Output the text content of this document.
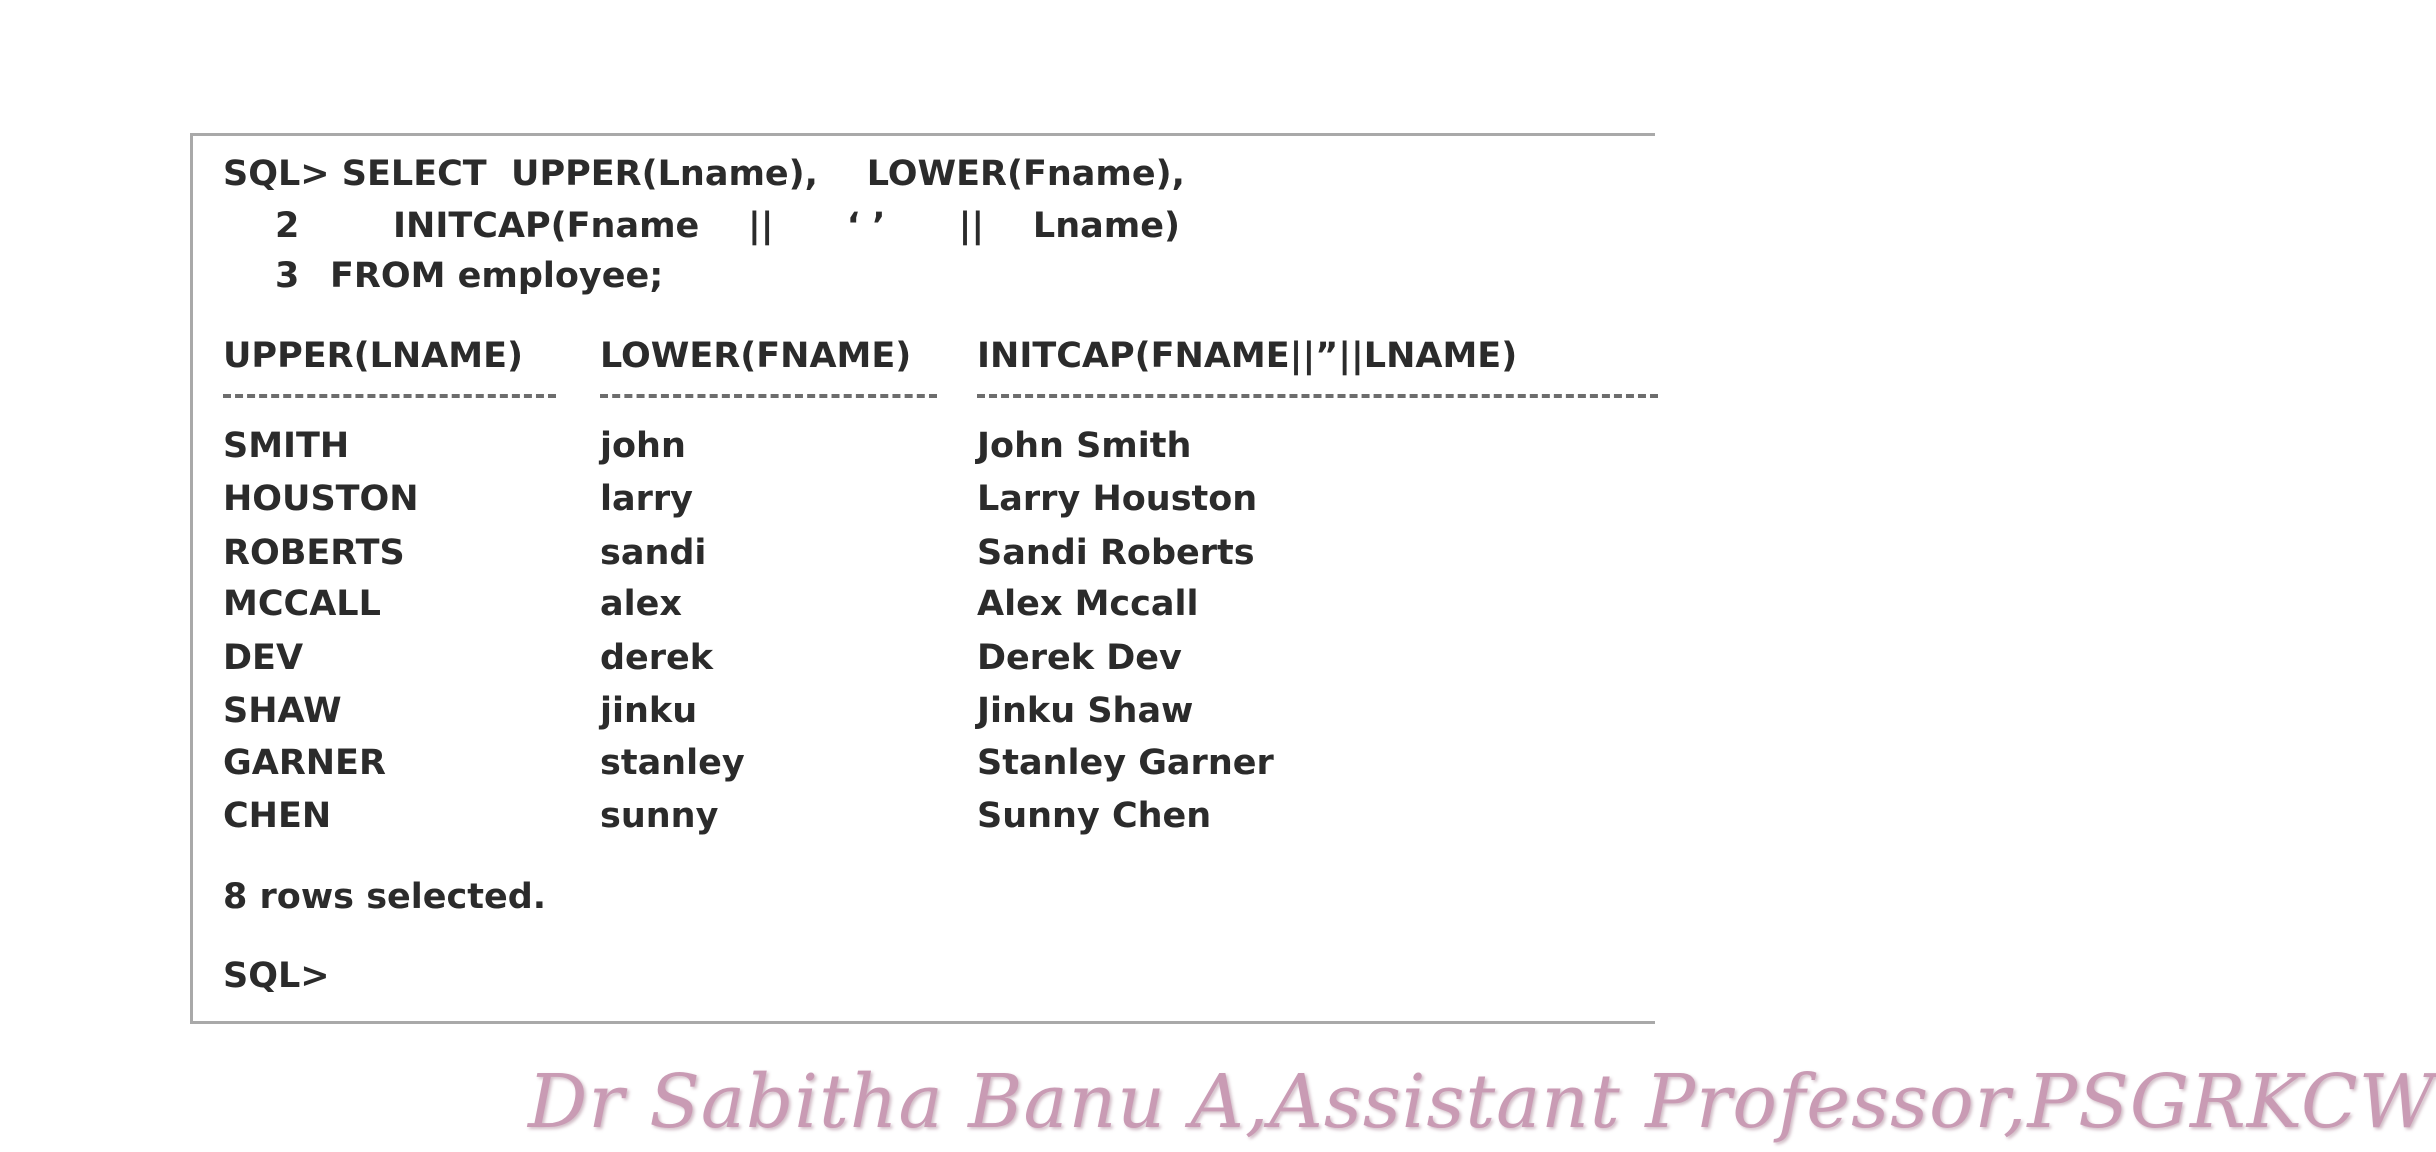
SQL> SELECT  UPPER(Lname),    LOWER(Fname),
2	INITCAP(Fname    ||      ‘ ’      ||    Lname)
3 FROM employee;
UPPER(LNAME) LOWER(FNAME) INITCAP(FNAME||”||LNAME)
SMITH	john	John Smith
HOUSTON	larry	Larry Houston
ROBERTS	sandi	Sandi Roberts
MCCALL	alex	Alex Mccall
DEV	derek	Derek Dev
SHAW	jinku	Jinku Shaw
GARNER	stanley	Stanley Garner
CHEN	sunny	Sunny Chen
8 rows selected.
SQL>
Dr Sabitha Banu A,Assistant Professor,PSGRKCW
